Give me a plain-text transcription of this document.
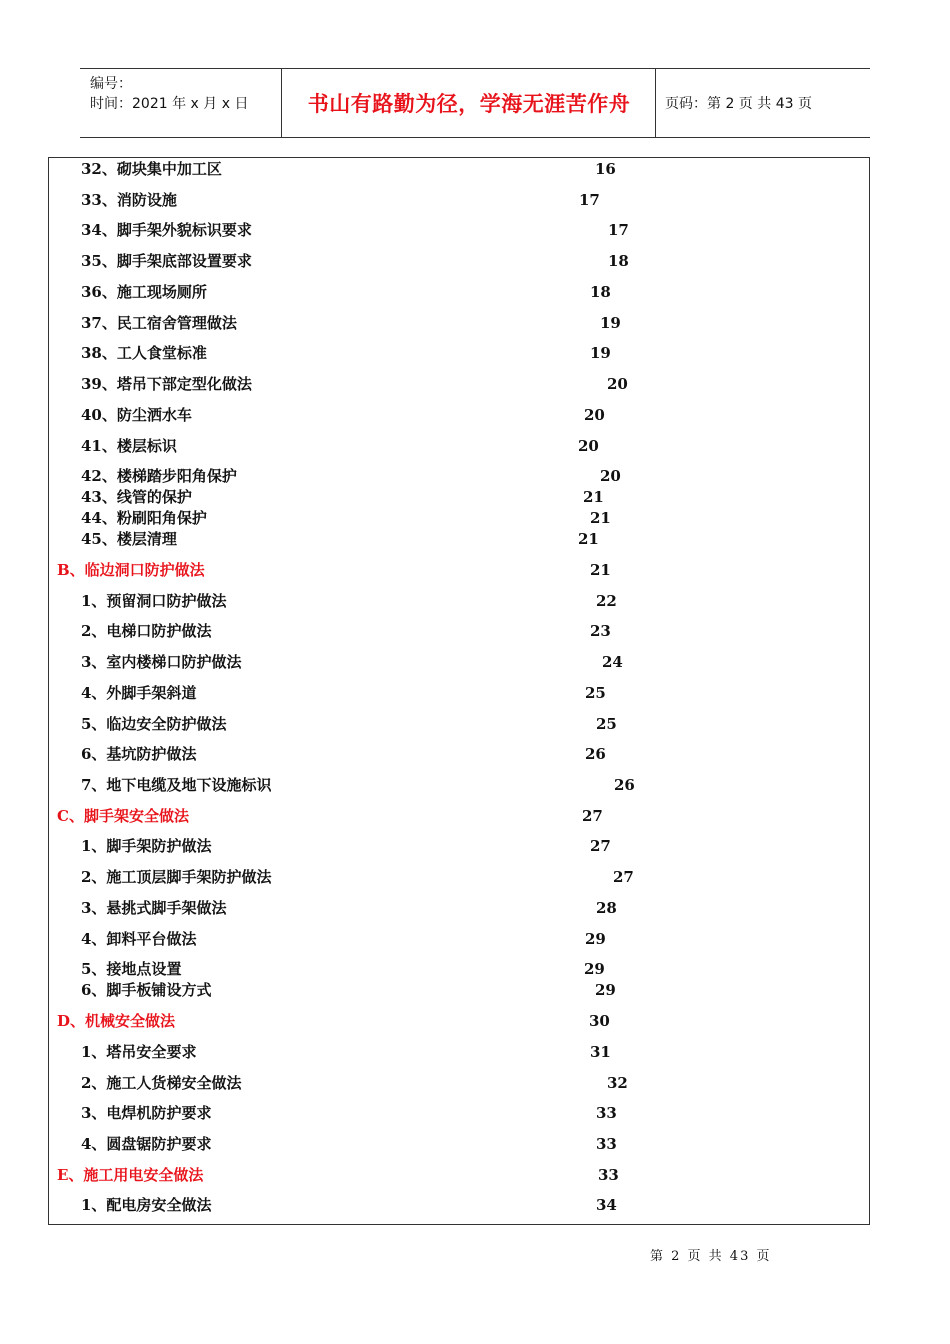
编号：
时间：2021 年 x 月 x 日	书山有路勤为径，学海无涯苦作舟	页码：第 2 页 共 43 页
32、砌块集中加工区	16
33、消防设施	17
34、脚手架外貌标识要求	17
35、脚手架底部设置要求	18
36、施工现场厕所	18
37、民工宿舍管理做法	19
38、工人食堂标准	19
39、塔吊下部定型化做法	20
40、防尘洒水车	20
41、楼层标识	20
42、楼梯踏步阳角保护	20
43、线管的保护	21
44、粉刷阳角保护	21
45、楼层清理	21
B、临边洞口防护做法	21
1、预留洞口防护做法	22
2、电梯口防护做法	23
3、室内楼梯口防护做法	24
4、外脚手架斜道	25
5、临边安全防护做法	25
6、基坑防护做法	26
7、地下电缆及地下设施标识	26
C、脚手架安全做法	27
1、脚手架防护做法	27
2、施工顶层脚手架防护做法	27
3、悬挑式脚手架做法	28
4、卸料平台做法	29
5、接地点设置	29
6、脚手板铺设方式	29
D、机械安全做法	30
1、塔吊安全要求	31
2、施工人货梯安全做法	32
3、电焊机防护要求	33
4、圆盘锯防护要求	33
E、施工用电安全做法	33
1、配电房安全做法	34
第 2 页 共 43 页
